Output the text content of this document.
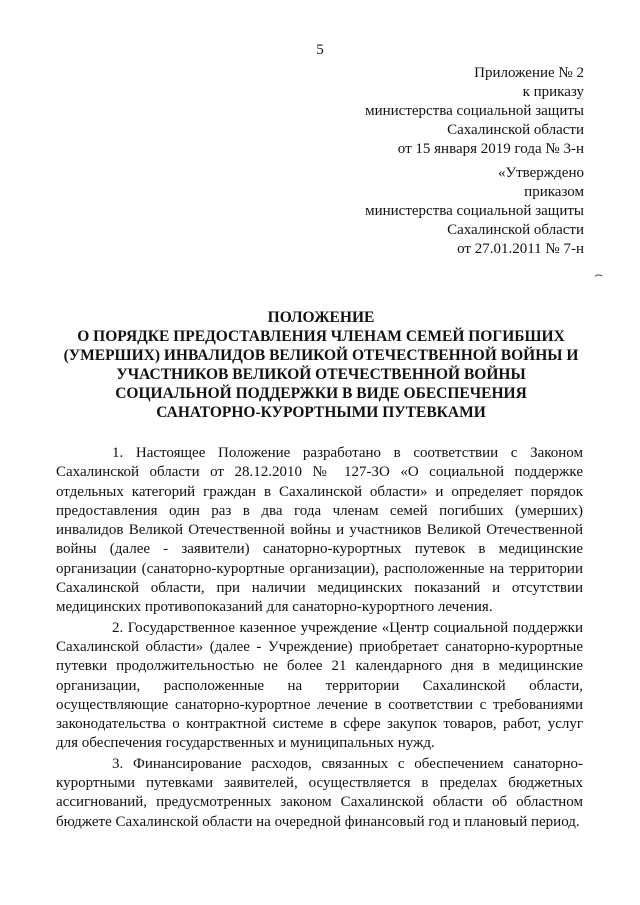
5
Приложение № 2
к приказу
министерства социальной защиты
Сахалинской области
от 15 января 2019 года № 3-н
«Утверждено
приказом
министерства социальной защиты
Сахалинской области
от 27.01.2011 № 7-н
⌢
ПОЛОЖЕНИЕ
О ПОРЯДКЕ ПРЕДОСТАВЛЕНИЯ ЧЛЕНАМ СЕМЕЙ ПОГИБШИХ
(УМЕРШИХ) ИНВАЛИДОВ ВЕЛИКОЙ ОТЕЧЕСТВЕННОЙ ВОЙНЫ И
УЧАСТНИКОВ ВЕЛИКОЙ ОТЕЧЕСТВЕННОЙ ВОЙНЫ
СОЦИАЛЬНОЙ ПОДДЕРЖКИ В ВИДЕ ОБЕСПЕЧЕНИЯ
САНАТОРНО-КУРОРТНЫМИ ПУТЕВКАМИ

1. Настоящее Положение разработано в соответствии с Законом Сахалинской области от 28.12.2010 № 127-ЗО «О социальной поддержке отдельных категорий граждан в Сахалинской области» и определяет порядок предоставления один раз в два года членам семей погибших (умерших) инвалидов Великой Отечественной войны и участников Великой Отечественной войны (далее - заявители) санаторно-курортных путевок в медицинские организации (санаторно-курортные организации), расположенные на территории Сахалинской области, при наличии медицинских показаний и отсутствии медицинских противопоказаний для санаторно-курортного лечения.

2. Государственное казенное учреждение «Центр социальной поддержки Сахалинской области» (далее - Учреждение) приобретает санаторно-курортные путевки продолжительностью не более 21 календарного дня в медицинские организации, расположенные на территории Сахалинской области, осуществляющие санаторно-курортное лечение в соответствии с требованиями законодательства о контрактной системе в сфере закупок товаров, работ, услуг для обеспечения государственных и муниципальных нужд.

3. Финансирование расходов, связанных с обеспечением санаторно-курортными путевками заявителей, осуществляется в пределах бюджетных ассигнований, предусмотренных законом Сахалинской области об областном бюджете Сахалинской области на очередной финансовый год и плановый период.
